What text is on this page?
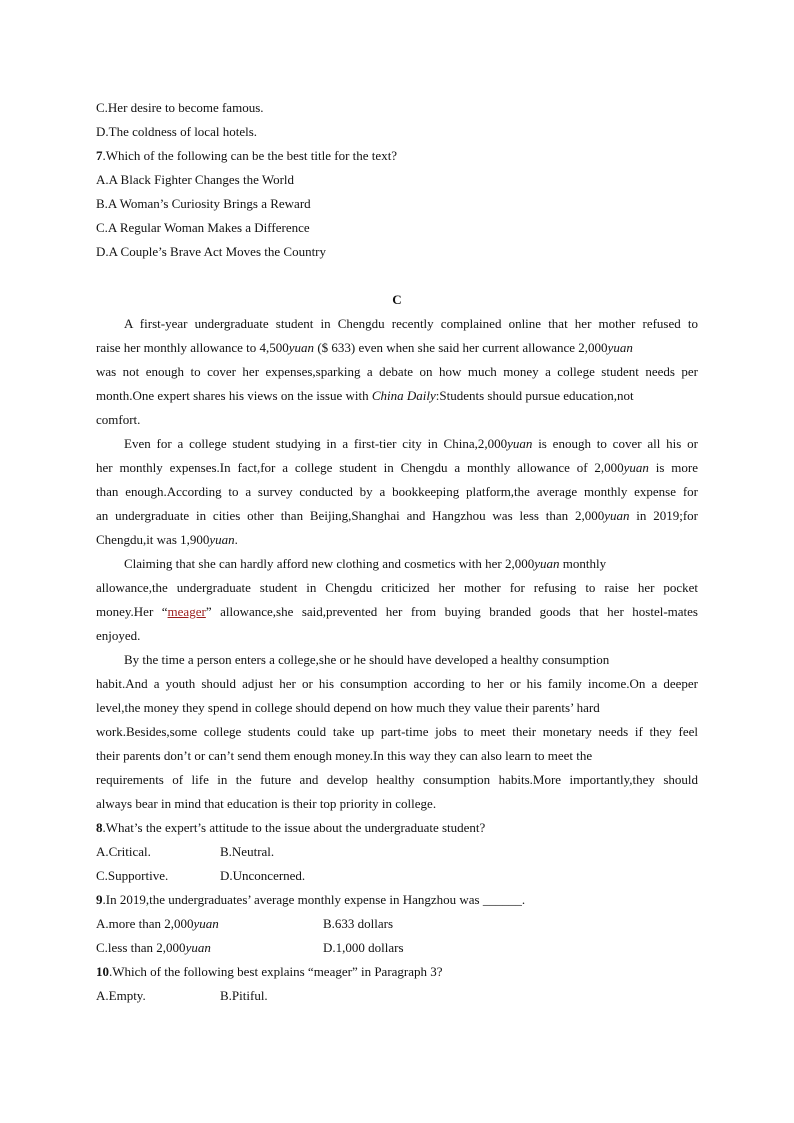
C.Her desire to become famous.
D.The coldness of local hotels.
7.Which of the following can be the best title for the text?
A.A Black Fighter Changes the World
B.A Woman’s Curiosity Brings a Reward
C.A Regular Woman Makes a Difference
D.A Couple’s Brave Act Moves the Country
C
A first-year undergraduate student in Chengdu recently complained online that her mother refused to
raise her monthly allowance to 4,500yuan ($ 633) even when she said her current allowance 2,000yuan
was not enough to cover her expenses,sparking a debate on how much money a college student needs per
month.One expert shares his views on the issue with China Daily:Students should pursue education,not
comfort.
Even for a college student studying in a first-tier city in China,2,000yuan is enough to cover all his or
her monthly expenses.In fact,for a college student in Chengdu a monthly allowance of 2,000yuan is more
than enough.According to a survey conducted by a bookkeeping platform,the average monthly expense for
an undergraduate in cities other than Beijing,Shanghai and Hangzhou was less than 2,000yuan in 2019;for
Chengdu,it was 1,900yuan.
Claiming that she can hardly afford new clothing and cosmetics with her 2,000yuan monthly
allowance,the undergraduate student in Chengdu criticized her mother for refusing to raise her pocket
money.Her “meager” allowance,she said,prevented her from buying branded goods that her hostel-mates
enjoyed.
By the time a person enters a college,she or he should have developed a healthy consumption
habit.And a youth should adjust her or his consumption according to her or his family income.On a deeper
level,the money they spend in college should depend on how much they value their parents’ hard
work.Besides,some college students could take up part-time jobs to meet their monetary needs if they feel
their parents don’t or can’t send them enough money.In this way they can also learn to meet the
requirements of life in the future and develop healthy consumption habits.More importantly,they should
always bear in mind that education is their top priority in college.
8.What’s the expert’s attitude to the issue about the undergraduate student?
A.Critical.	B.Neutral.
C.Supportive.	D.Unconcerned.
9.In 2019,the undergraduates’ average monthly expense in Hangzhou was ______.
A.more than 2,000yuan	B.633 dollars
C.less than 2,000yuan	D.1,000 dollars
10.Which of the following best explains “meager” in Paragraph 3?
A.Empty.	B.Pitiful.
